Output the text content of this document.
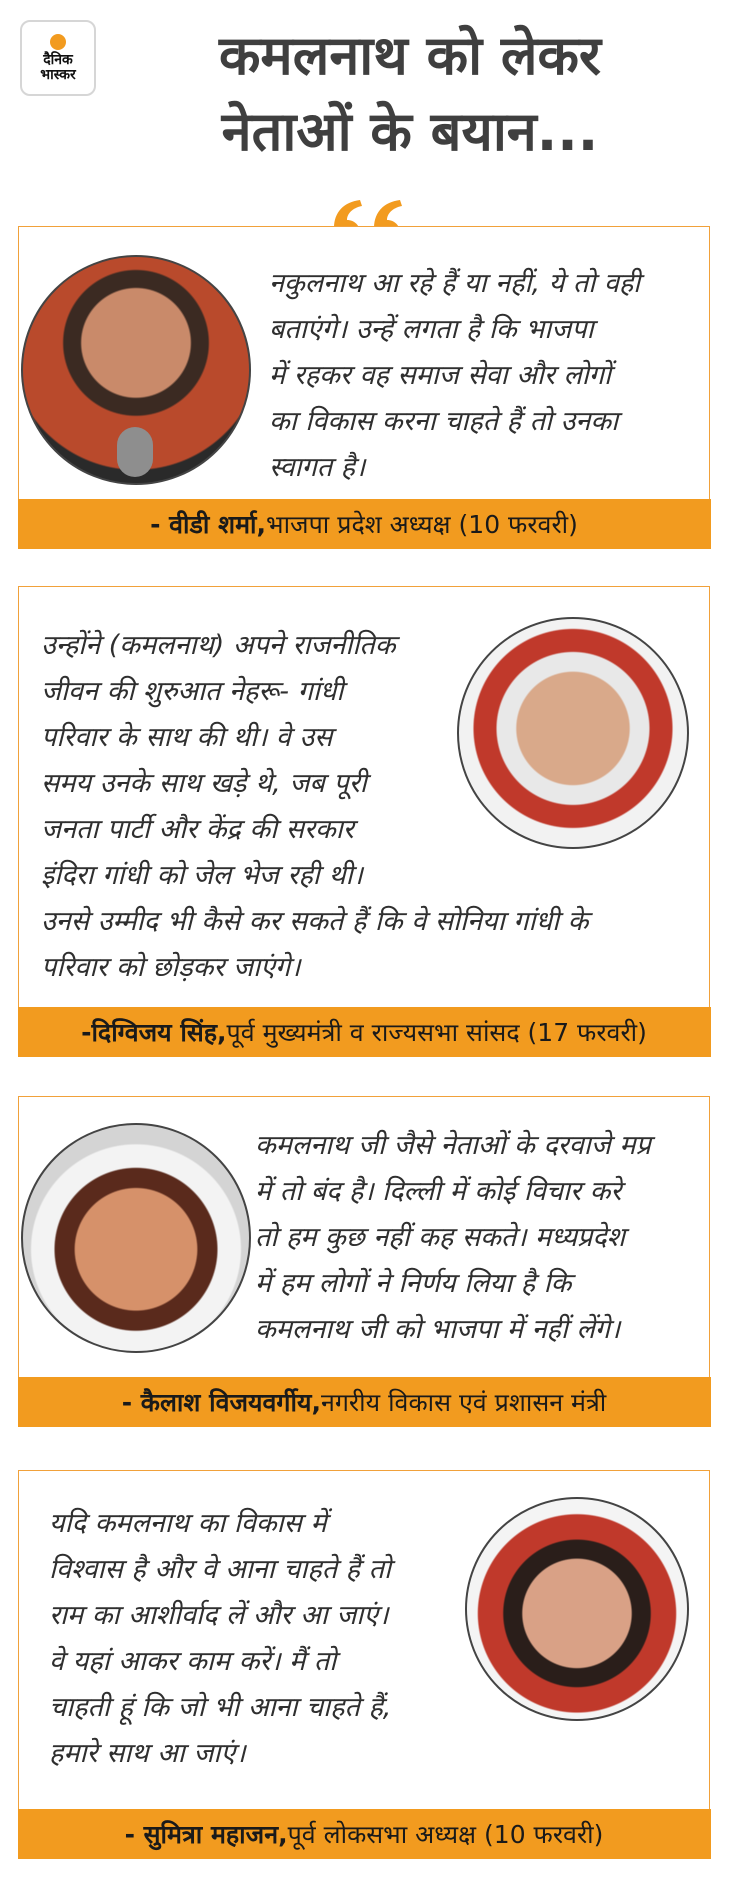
दैनिक
भास्कर	कमलनाथ को लेकर
नेताओं के बयान...

नकुलनाथ आ रहे हैं या नहीं, ये तो वही

बताएंगे। उन्हें लगता है कि भाजपा

में रहकर वह समाज सेवा और लोगों

का विकास करना चाहते हैं तो उनका

स्वागत है।

- वीडी शर्मा, भाजपा प्रदेश अध्यक्ष (10 फरवरी)

उन्होंने (कमलनाथ) अपने राजनीतिक

जीवन की शुरुआत नेहरू- गांधी

परिवार के साथ की थी। वे उस

समय उनके साथ खड़े थे, जब पूरी

जनता पार्टी और केंद्र की सरकार

इंदिरा गांधी को जेल भेज रही थी।

उनसे उम्मीद भी कैसे कर सकते हैं कि वे सोनिया गांधी के

परिवार को छोड़कर जाएंगे।

-दिग्विजय सिंह, पूर्व मुख्यमंत्री व राज्यसभा सांसद (17 फरवरी)

कमलनाथ जी जैसे नेताओं के दरवाजे मप्र

में तो बंद है। दिल्ली में कोई विचार करे

तो हम कुछ नहीं कह सकते। मध्यप्रदेश

में हम लोगों ने निर्णय लिया है कि

कमलनाथ जी को भाजपा में नहीं लेंगे।

- कैलाश विजयवर्गीय, नगरीय विकास एवं प्रशासन मंत्री

यदि कमलनाथ का विकास में

विश्वास है और वे आना चाहते हैं तो

राम का आशीर्वाद लें और आ जाएं।

वे यहां आकर काम करें। मैं तो

चाहती हूं कि जो भी आना चाहते हैं,

हमारे साथ आ जाएं।

- सुमित्रा महाजन, पूर्व लोकसभा अध्यक्ष (10 फरवरी)
